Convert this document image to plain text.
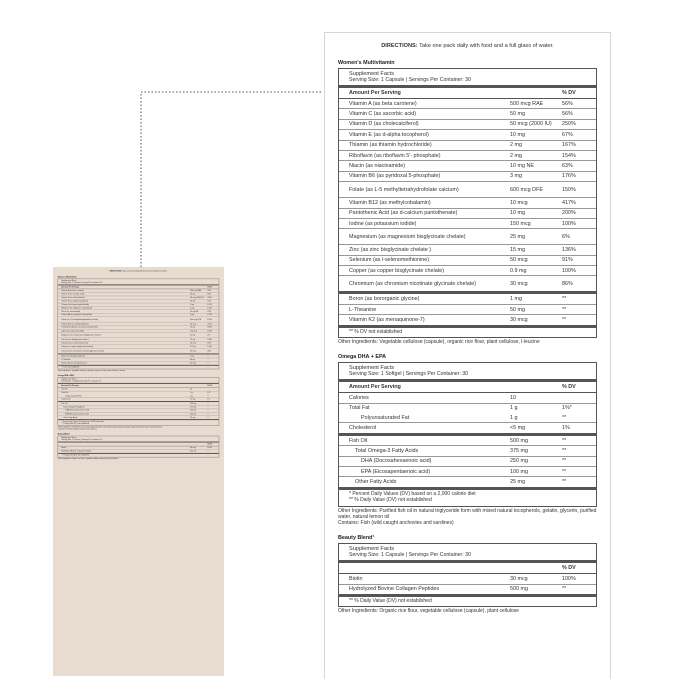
DIRECTIONS: Take one pack daily with food and a full glass of water.

Women's Multivitamin
Supplement Facts
Serving Size: 1 Capsule | Servings Per Container: 30
Amount Per Serving	% DV
Vitamin A (as beta carotene)	500 mcg RAE	56%
Vitamin C (as ascorbic acid)	50 mg	56%
Vitamin D (as cholecalciferol)	50 mcg (2000 IU) 250%
Vitamin E (as d-alpha tocopherol)	10 mg	67%
Thiamin (as thiamin hydrochloride)	2 mg	167%
Riboflavin (as riboflavin 5'- phosphate)	2 mg	154%
Niacin (as niacinamide)	10 mg NE	63%
Vitamin B6 (as pyridoxal 5-phosphate)	3 mg	176%
Folate (as L-5 methyltetrahydrofolate calcium)	600 mcg DFE	150%
Vitamin B12 (as methylcobalamin)	10 mcg	417%
Pantothenic Acid (as d-calcium pantothenate)	10 mg	200%
Iodine (as potassium iodide)	150 mcg	100%
Magnesium (as magnesium bisglycinate chelate)	25 mg	6%
Zinc (as zinc bisglycinate chelate )	15 mg	136%
Selenium (as l-selenomethionine)	50 mcg	91%
Copper (as copper bisglycinate chelate)	0.9 mg	100%
Chromium (as chromium nicotinate glycinate chelate)	30 mcg	86%
Boron (as bororganic glycine)	1 mg	**
L-Theanine	50 mg	**
Vitamin K2 (as menaquinone-7)	30 mcg	**
** % DV not established

Other Ingredients: Vegetable cellulose (capsule), organic rice flour, plant cellulose, l-leucine

Omega DHA + EPA
Supplement Facts
Serving Size: 1 Softgel | Servings Per Container: 30
Amount Per Serving	% DV
Calories	10
Total Fat	1 g	1%*
Polyunsaturated Fat	1 g	**
Cholesterol	<5 mg	1%
Fish Oil	500 mg	**
Total Omega-3 Fatty Acids	375 mg	**
DHA (Docosahexaenoic acid)	250 mg	**
EPA (Eicosapentaenoic acid)	100 mg	**
Other Fatty Acids	25 mg	**
* Percent Daily Values (DV) based on a 2,000 calorie diet
** % Daily Value (DV) not established

Other Ingredients: Purified fish oil in natural triglyceride form with mixed natural tocopherols, gelatin, glycerin, purified water, natural lemon oil
Contains: Fish (wild caught anchovies and sardines)

Beauty Blend¹
Supplement Facts
Serving Size: 1 Capsule | Servings Per Container: 30
% DV
Biotin	30 mcg	100%
Hydrolyzed Bovine Collagen Peptides	500 mg	**
** % Daily Value (DV) not established

Other Ingredients: Organic rice flour, vegetable cellulose (capsule), plant cellulose

DIRECTIONS: Take one pack daily with food and a full glass of water.

Women's Multivitamin
Supplement Facts
Serving Size: 1 Capsule | Servings Per Container: 30
Amount Per Serving	% DV
Vitamin A (as beta carotene)	500 mcg RAE	56%
Vitamin C (as ascorbic acid)	50 mg	56%
Vitamin D (as cholecalciferol)	50 mcg (2000 IU)	250%
Vitamin E (as d-alpha tocopherol)	10 mg	67%
Thiamin (as thiamin hydrochloride)	2 mg	167%
Riboflavin (as riboflavin 5'- phosphate)	2 mg	154%
Niacin (as niacinamide)	10 mg NE	63%
Vitamin B6 (as pyridoxal 5-phosphate)	3 mg	176%
Folate (as L-5 methyltetrahydrofolate calcium)	600 mcg DFE	150%
Vitamin B12 (as methylcobalamin)	10 mcg	417%
Pantothenic Acid (as d-calcium pantothenate)	10 mg	200%
Iodine (as potassium iodide)	150 mcg	100%
Magnesium (as magnesium bisglycinate chelate)	25 mg	6%
Zinc (as zinc bisglycinate chelate )	15 mg	136%
Selenium (as l-selenomethionine)	50 mcg	91%
Copper (as copper bisglycinate chelate)	0.9 mg	100%
Chromium (as chromium nicotinate glycinate chelate)	30 mcg	86%
Boron (as bororganic glycine)	1 mg	**
L-Theanine	50 mg	**
Vitamin K2 (as menaquinone-7)	30 mcg	**
** % DV not established

Other Ingredients: Vegetable cellulose (capsule), organic rice flour, plant cellulose, l-leucine

Omega DHA + EPA
Supplement Facts
Serving Size: 1 Softgel | Servings Per Container: 30
Amount Per Serving	% DV
Calories	10
Total Fat	1 g	1%*
Polyunsaturated Fat	1 g	**
Cholesterol	<5 mg	1%
Fish Oil	500 mg	**
Total Omega-3 Fatty Acids	375 mg	**
DHA (Docosahexaenoic acid)	250 mg	**
EPA (Eicosapentaenoic acid)	100 mg	**
Other Fatty Acids	25 mg	**
* Percent Daily Values (DV) based on a 2,000 calorie diet
** % Daily Value (DV) not established

Other Ingredients: Purified fish oil in natural triglyceride form with mixed natural tocopherols, gelatin, glycerin, purified water, natural lemon oil
Contains: Fish (wild caught anchovies and sardines)

Beauty Blend¹
Supplement Facts
Serving Size: 1 Capsule | Servings Per Container: 30
% DV
Biotin	30 mcg	100%
Hydrolyzed Bovine Collagen Peptides	500 mg	**
** % Daily Value (DV) not established

Other Ingredients: Organic rice flour, vegetable cellulose (capsule), plant cellulose
